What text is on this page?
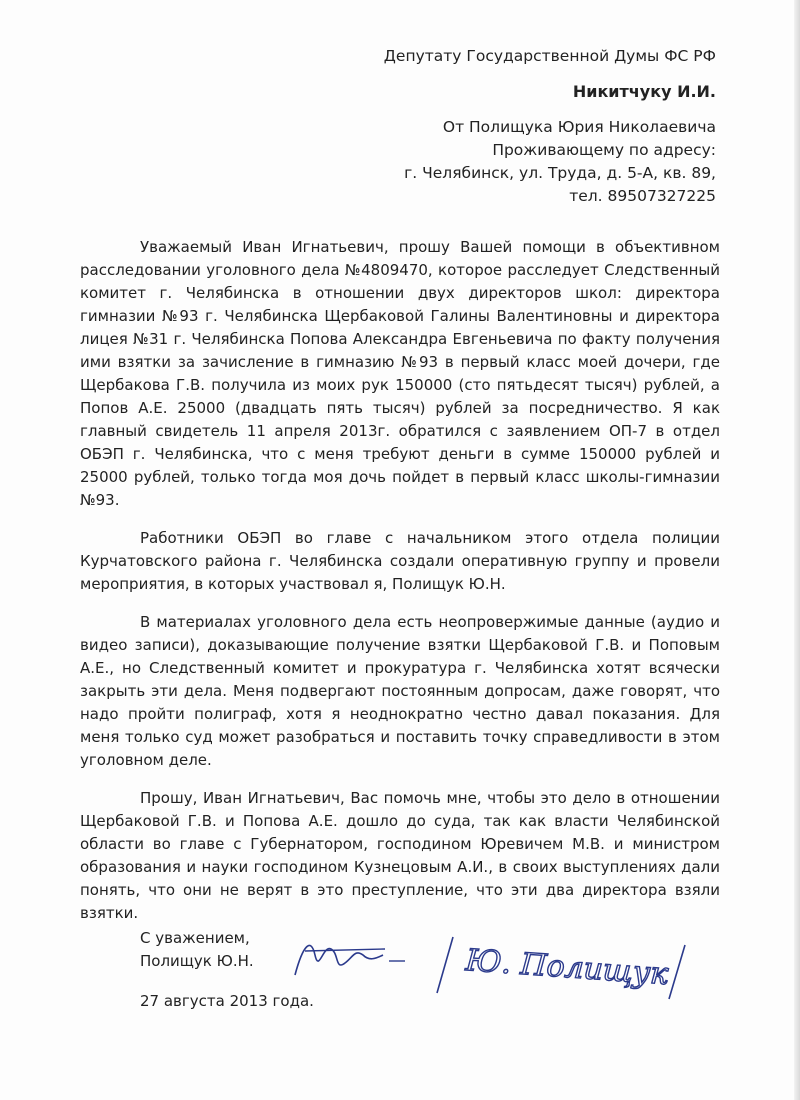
Депутату Государственной Думы ФС РФ
Никитчуку И.И.
От Полищука Юрия Николаевича
Проживающему по адресу:
г. Челябинск, ул. Труда, д. 5-А, кв. 89,
тел. 89507327225

Уважаемый Иван Игнатьевич, прошу Вашей помощи в объективном расследовании уголовного дела №4809470, которое расследует Следственный комитет г. Челябинска в отношении двух директоров школ: директора гимназии №93 г. Челябинска Щербаковой Галины Валентиновны и директора лицея №31 г. Челябинска Попова Александра Евгеньевича по факту получения ими взятки за зачисление в гимназию №93 в первый класс моей дочери, где Щербакова Г.В. получила из моих рук 150000 (сто пятьдесят тысяч) рублей, а Попов А.Е. 25000 (двадцать пять тысяч) рублей за посредничество. Я как главный свидетель 11 апреля 2013г. обратился с заявлением ОП-7 в отдел ОБЭП г. Челябинска, что с меня требуют деньги в сумме 150000 рублей и 25000 рублей, только тогда моя дочь пойдет в первый класс школы-гимназии №93.

Работники ОБЭП во главе с начальником этого отдела полиции Курчатовского района г. Челябинска создали оперативную группу и провели мероприятия, в которых участвовал я, Полищук Ю.Н.

В материалах уголовного дела есть неопровержимые данные (аудио и видео записи), доказывающие получение взятки Щербаковой Г.В. и Поповым А.Е., но Следственный комитет и прокуратура г. Челябинска хотят всячески закрыть эти дела. Меня подвергают постоянным допросам, даже говорят, что надо пройти полиграф, хотя я неоднократно честно давал показания. Для меня только суд может разобраться и поставить точку справедливости в этом уголовном деле.

Прошу, Иван Игнатьевич, Вас помочь мне, чтобы это дело в отношении Щербаковой Г.В. и Попова А.Е. дошло до суда, так как власти Челябинской области во главе с Губернатором, господином Юревичем М.В. и министром образования и науки господином Кузнецовым А.И., в своих выступлениях дали понять, что они не верят в это преступление, что эти два директора взяли взятки.

С уважением,
Полищук Ю.Н.	Ю. Полищук
27 августа 2013 года.
